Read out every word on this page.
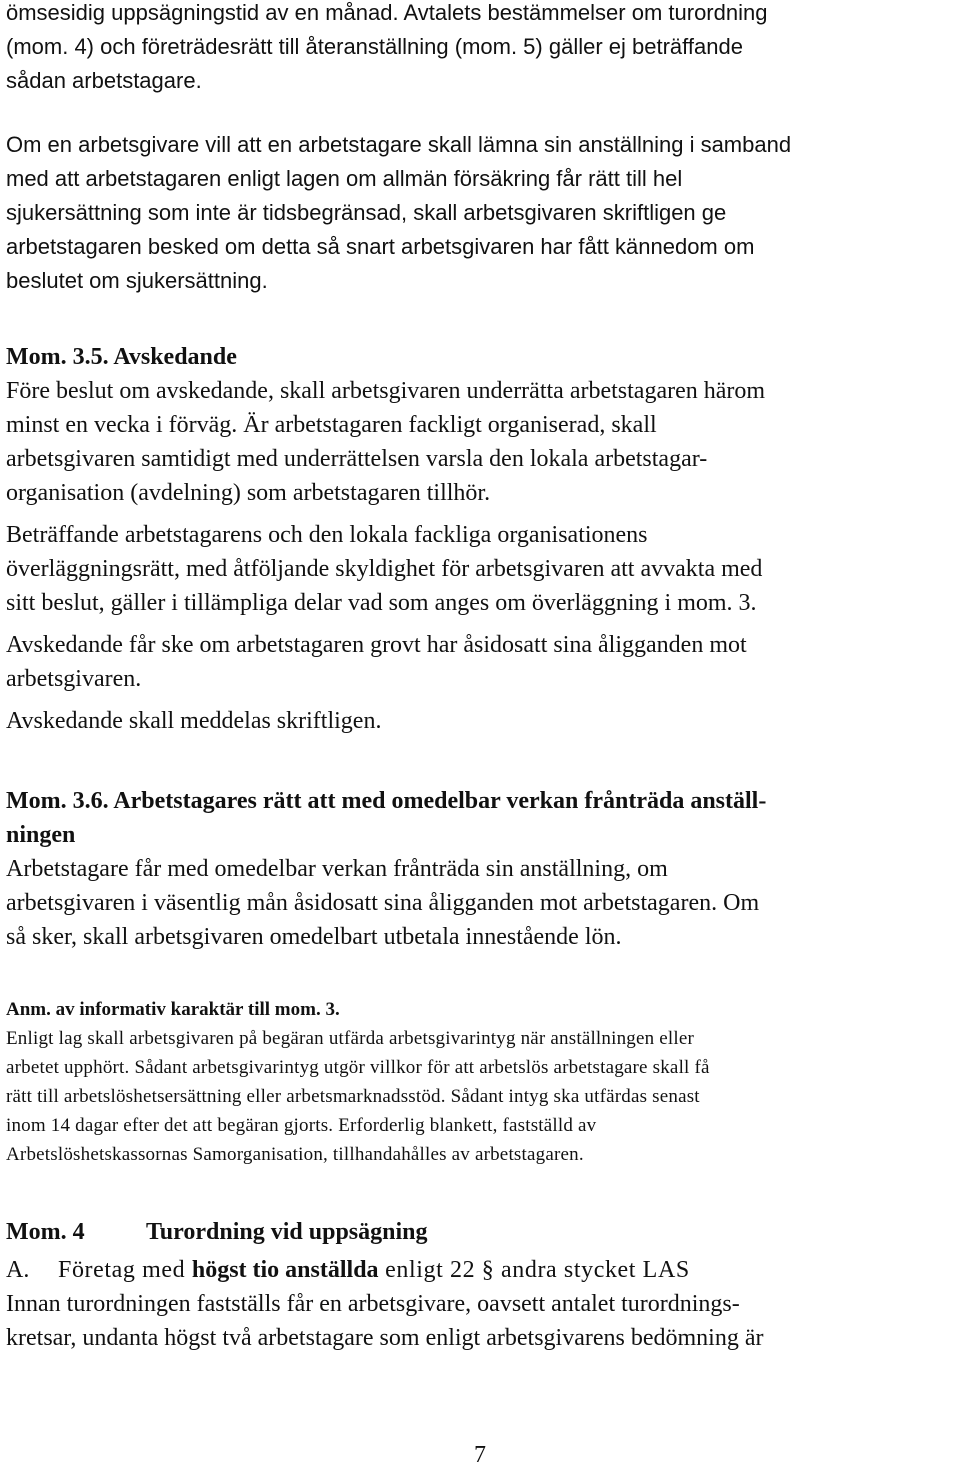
ömsesidig uppsägningstid av en månad. Avtalets bestämmelser om turordning
(mom. 4) och företrädesrätt till återanställning (mom. 5) gäller ej beträffande
sådan arbetstagare.
Om en arbetsgivare vill att en arbetstagare skall lämna sin anställning i samband
med att arbetstagaren enligt lagen om allmän försäkring får rätt till hel
sjukersättning som inte är tidsbegränsad, skall arbetsgivaren skriftligen ge
arbetstagaren besked om detta så snart arbetsgivaren har fått kännedom om
beslutet om sjukersättning.
Mom. 3.5. Avskedande
Före beslut om avskedande, skall arbetsgivaren underrätta arbetstagaren härom
minst en vecka i förväg. Är arbetstagaren fackligt organiserad, skall
arbetsgivaren samtidigt med underrättelsen varsla den lokala arbetstagar-
organisation (avdelning) som arbetstagaren tillhör.
Beträffande arbetstagarens och den lokala fackliga organisationens
överläggningsrätt, med åtföljande skyldighet för arbetsgivaren att avvakta med
sitt beslut, gäller i tillämpliga delar vad som anges om överläggning i mom. 3.
Avskedande får ske om arbetstagaren grovt har åsidosatt sina åligganden mot
arbetsgivaren.
Avskedande skall meddelas skriftligen.
Mom. 3.6. Arbetstagares rätt att med omedelbar verkan frånträda anställ-
ningen
Arbetstagare får med omedelbar verkan frånträda sin anställning, om
arbetsgivaren i väsentlig mån åsidosatt sina åligganden mot arbetstagaren. Om
så sker, skall arbetsgivaren omedelbart utbetala innestående lön.
Anm. av informativ karaktär till mom. 3.
Enligt lag skall arbetsgivaren på begäran utfärda arbetsgivarintyg när anställningen eller
arbetet upphört. Sådant arbetsgivarintyg utgör villkor för att arbetslös arbetstagare skall få
rätt till arbetslöshetsersättning eller arbetsmarknadsstöd. Sådant intyg ska utfärdas senast
inom 14 dagar efter det att begäran gjorts. Erforderlig blankett, fastställd av
Arbetslöshetskassornas Samorganisation, tillhandahålles av arbetstagaren.
Mom. 4	Turordning vid uppsägning
A. Företag med högst tio anställda enligt 22 § andra stycket LAS
Innan turordningen fastställs får en arbetsgivare, oavsett antalet turordnings-
kretsar, undanta högst två arbetstagare som enligt arbetsgivarens bedömning är
7
